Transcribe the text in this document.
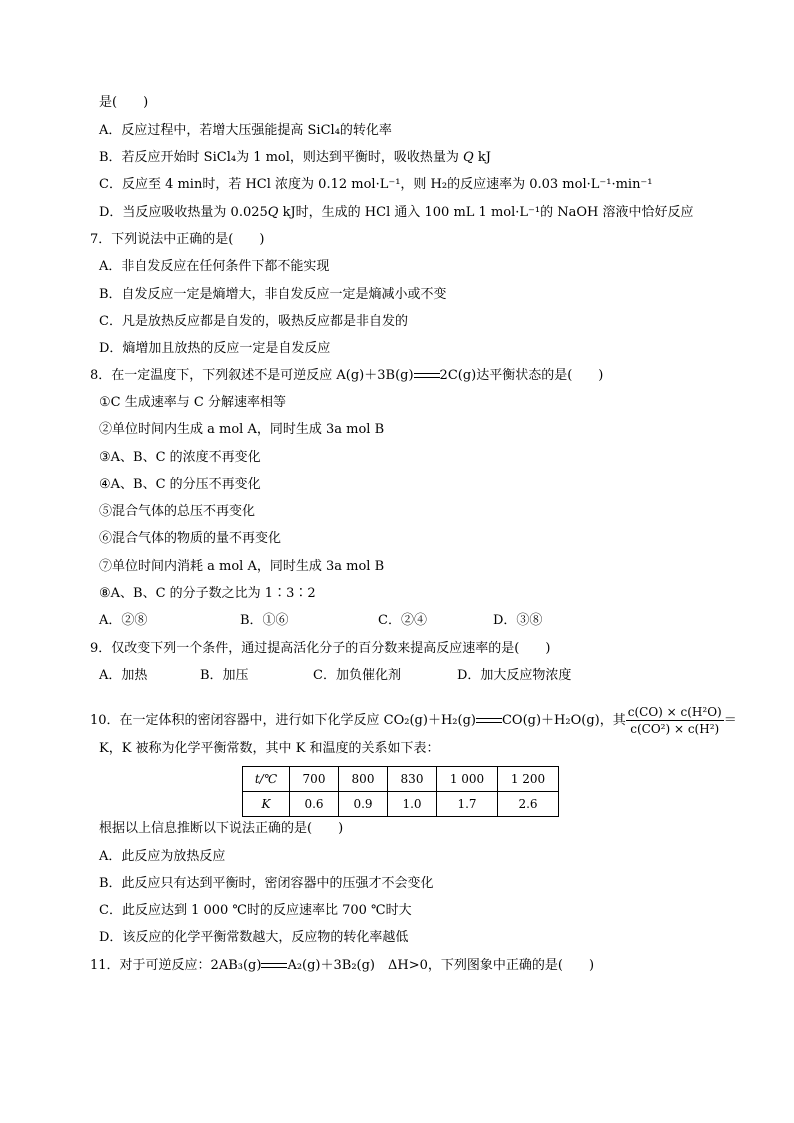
是(　　)
A．反应过程中，若增大压强能提高 SiCl₄的转化率
B．若反应开始时 SiCl₄为 1 mol，则达到平衡时，吸收热量为 Q kJ
C．反应至 4 min时，若 HCl 浓度为 0.12 mol·L⁻¹，则 H₂的反应速率为 0.03 mol·L⁻¹·min⁻¹
D．当反应吸收热量为 0.025Q kJ时，生成的 HCl 通入 100 mL 1 mol·L⁻¹的 NaOH 溶液中恰好反应
7．下列说法中正确的是(　　)
A．非自发反应在任何条件下都不能实现
B．自发反应一定是熵增大，非自发反应一定是熵减小或不变
C．凡是放热反应都是自发的，吸热反应都是非自发的
D．熵增加且放热的反应一定是自发反应
8．在一定温度下，下列叙述不是可逆反应 A(g)＋3B(g) 2C(g)达平衡状态的是(　　)
①C 生成速率与 C 分解速率相等
②单位时间内生成 a mol A，同时生成 3a mol B
③A、B、C 的浓度不再变化
④A、B、C 的分压不再变化
⑤混合气体的总压不再变化
⑥混合气体的物质的量不再变化
⑦单位时间内消耗 a mol A，同时生成 3a mol B
⑧A、B、C 的分子数之比为 1∶3∶2
A．②⑧	B．①⑥	C．②④	D．③⑧
9．仅改变下列一个条件，通过提高活化分子的百分数来提高反应速率的是(　　)
A．加热	B．加压	C．加负催化剂	D．加大反应物浓度
10．在一定体积的密闭容器中，进行如下化学反应 CO₂(g)＋H₂(g) CO(g)＋H₂O(g)，其 $\frac{\text{c(CO) × c(H²O)}}{\text{c(CO²) × c(H²)}}$ ＝
K，K 被称为化学平衡常数，其中 K 和温度的关系如下表：
t/℃	700	800	830	1 000	1 200
K	0.6	0.9	1.0	1.7	2.6
根据以上信息推断以下说法正确的是(　　)
A．此反应为放热反应
B．此反应只有达到平衡时，密闭容器中的压强才不会变化
C．此反应达到 1 000 ℃时的反应速率比 700 ℃时大
D．该反应的化学平衡常数越大，反应物的转化率越低
11．对于可逆反应：2AB₃(g) A₂(g)＋3B₂(g)　ΔH>0，下列图象中正确的是(　　)
